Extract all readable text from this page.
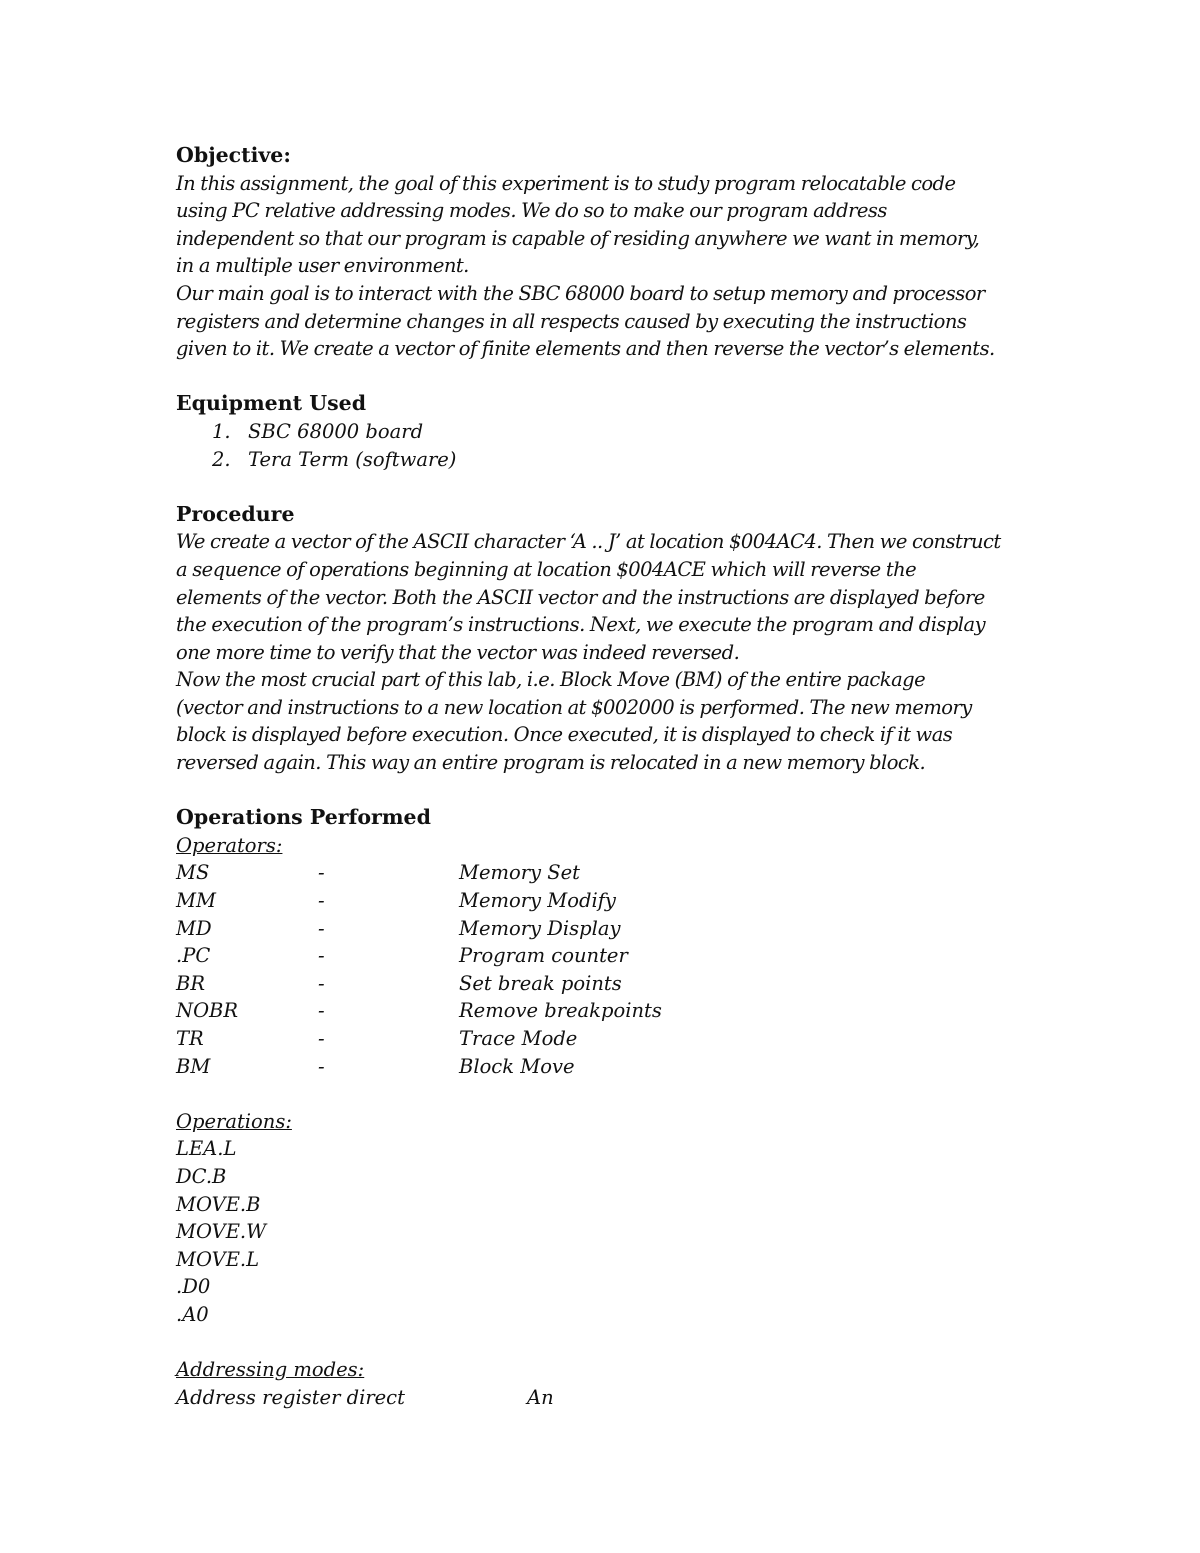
Objective:

In this assignment, the goal of this experiment is to study program relocatable code

using PC relative addressing modes. We do so to make our program address

independent so that our program is capable of residing anywhere we want in memory,

in a multiple user environment.

Our main goal is to interact with the SBC 68000 board to setup memory and processor

registers and determine changes in all respects caused by executing the instructions

given to it. We create a vector of finite elements and then reverse the vector’s elements.

Equipment Used

1. SBC 68000 board
2. Tera Term (software)

Procedure

We create a vector of the ASCII character ‘A .. J’ at location $004AC4. Then we construct

a sequence of operations beginning at location $004ACE which will reverse the

elements of the vector. Both the ASCII vector and the instructions are displayed before

the execution of the program’s instructions. Next, we execute the program and display

one more time to verify that the vector was indeed reversed.

Now the most crucial part of this lab, i.e. Block Move (BM) of the entire package

(vector and instructions to a new location at $002000 is performed. The new memory

block is displayed before execution. Once executed, it is displayed to check if it was

reversed again. This way an entire program is relocated in a new memory block.

Operations Performed

Operators:

MS	-	Memory Set
MM	-	Memory Modify
MD	-	Memory Display
.PC	-	Program counter
BR	-	Set break points
NOBR	-	Remove breakpoints
TR	-	Trace Mode
BM	-	Block Move

Operations:

LEA.L

DC.B

MOVE.B

MOVE.W

MOVE.L

.D0

.A0

Addressing modes:

Address register direct	An
